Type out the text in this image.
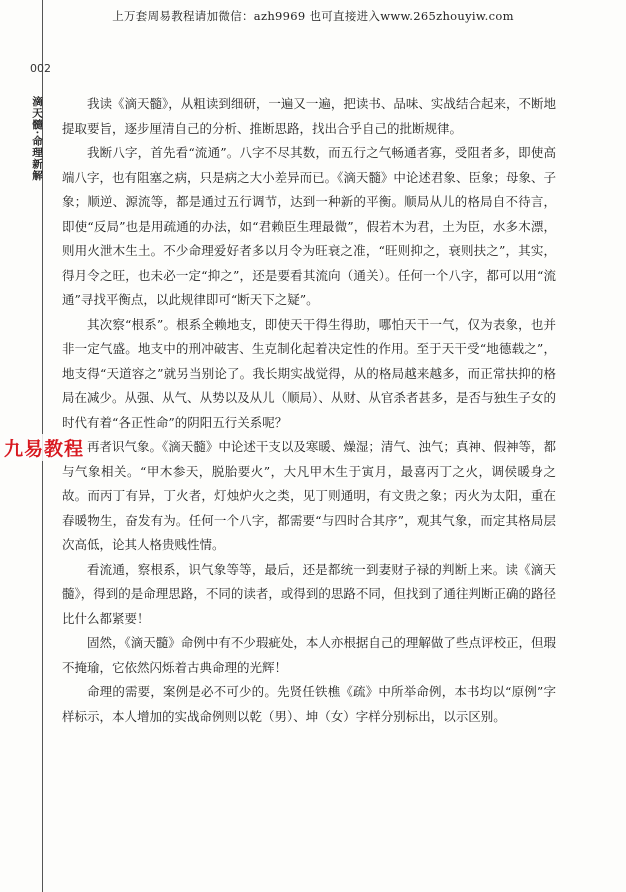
上万套周易教程请加微信：azh9969 也可直接进入www.265zhouyiw.com
002
滴天髓·命理新解	我读《滴天髓》，从粗读到细研，一遍又一遍，把读书、品味、实战结合起来，不断地提取要旨，逐步厘清自己的分析、推断思路，找出合乎自己的批断规律。

我断八字，首先看“流通”。八字不尽其数，而五行之气畅通者寡，受阻者多，即使高端八字，也有阻塞之病，只是病之大小差异而已。《滴天髓》中论述君象、臣象；母象、子象；顺逆、源流等，都是通过五行调节，达到一种新的平衡。顺局从儿的格局自不待言，即使“反局”也是用疏通的办法，如“君赖臣生理最微”，假若木为君，土为臣，水多木漂，则用火泄木生土。不少命理爱好者多以月令为旺衰之准，“旺则抑之，衰则扶之”，其实，得月令之旺，也未必一定“抑之”，还是要看其流向（通关）。任何一个八字，都可以用“流通”寻找平衡点，以此规律即可“断天下之疑”。

其次察“根系”。根系全赖地支，即使天干得生得助，哪怕天干一气，仅为表象，也并非一定气盛。地支中的刑冲破害、生克制化起着决定性的作用。至于天干受“地德载之”，地支得“天道容之”就另当别论了。我长期实战觉得，从的格局越来越多，而正常扶抑的格局在减少。从强、从气、从势以及从儿（顺局）、从财、从官杀者甚多，是否与独生子女的时代有着“各正性命”的阴阳五行关系呢？

再者识气象。《滴天髓》中论述干支以及寒暖、燥湿；清气、浊气；真神、假神等，都与气象相关。“甲木参天，脱胎要火”，大凡甲木生于寅月，最喜丙丁之火，调侯暖身之故。而丙丁有异，丁火者，灯烛炉火之类，见丁则通明，有文贵之象；丙火为太阳，重在春暖物生，奋发有为。任何一个八字，都需要“与四时合其序”，观其气象，而定其格局层次高低，论其人格贵贱性情。

看流通，察根系，识气象等等，最后，还是都统一到妻财子禄的判断上来。读《滴天髓》，得到的是命理思路，不同的读者，或得到的思路不同，但找到了通往判断正确的路径比什么都紧要！

固然，《滴天髓》命例中有不少瑕疵处，本人亦根据自己的理解做了些点评校正，但瑕不掩瑜，它依然闪烁着古典命理的光辉！

命理的需要，案例是必不可少的。先贤任铁樵《疏》中所举命例，本书均以“原例”字样标示，本人增加的实战命例则以乾（男）、坤（女）字样分别标出，以示区别。

九易教程
